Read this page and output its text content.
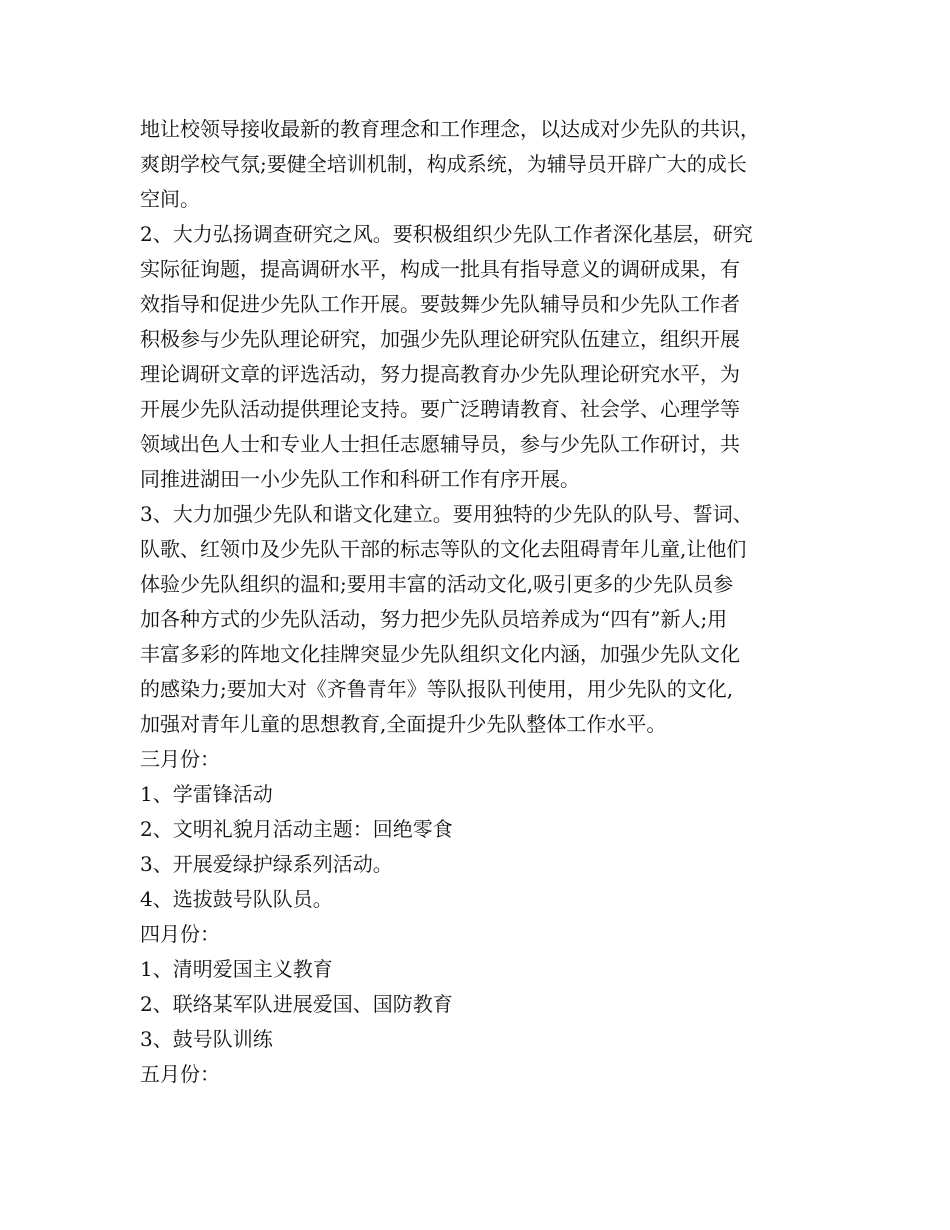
地让校领导接收最新的教育理念和工作理念，以达成对少先队的共识，
爽朗学校气氛;要健全培训机制，构成系统，为辅导员开辟广大的成长
空间。
2、大力弘扬调查研究之风。要积极组织少先队工作者深化基层，研究
实际征询题，提高调研水平，构成一批具有指导意义的调研成果，有
效指导和促进少先队工作开展。要鼓舞少先队辅导员和少先队工作者
积极参与少先队理论研究，加强少先队理论研究队伍建立，组织开展
理论调研文章的评选活动，努力提高教育办少先队理论研究水平，为
开展少先队活动提供理论支持。要广泛聘请教育、社会学、心理学等
领域出色人士和专业人士担任志愿辅导员，参与少先队工作研讨，共
同推进湖田一小少先队工作和科研工作有序开展。
3、大力加强少先队和谐文化建立。要用独特的少先队的队号、誓词、
队歌、红领巾及少先队干部的标志等队的文化去阻碍青年儿童,让他们
体验少先队组织的温和;要用丰富的活动文化,吸引更多的少先队员参
加各种方式的少先队活动，努力把少先队员培养成为“四有”新人;用
丰富多彩的阵地文化挂牌突显少先队组织文化内涵，加强少先队文化
的感染力;要加大对《齐鲁青年》等队报队刊使用，用少先队的文化,
加强对青年儿童的思想教育,全面提升少先队整体工作水平。
三月份：
1、学雷锋活动
2、文明礼貌月活动主题：回绝零食
3、开展爱绿护绿系列活动。
4、选拔鼓号队队员。
四月份：
1、清明爱国主义教育
2、联络某军队进展爱国、国防教育
3、鼓号队训练
五月份：
